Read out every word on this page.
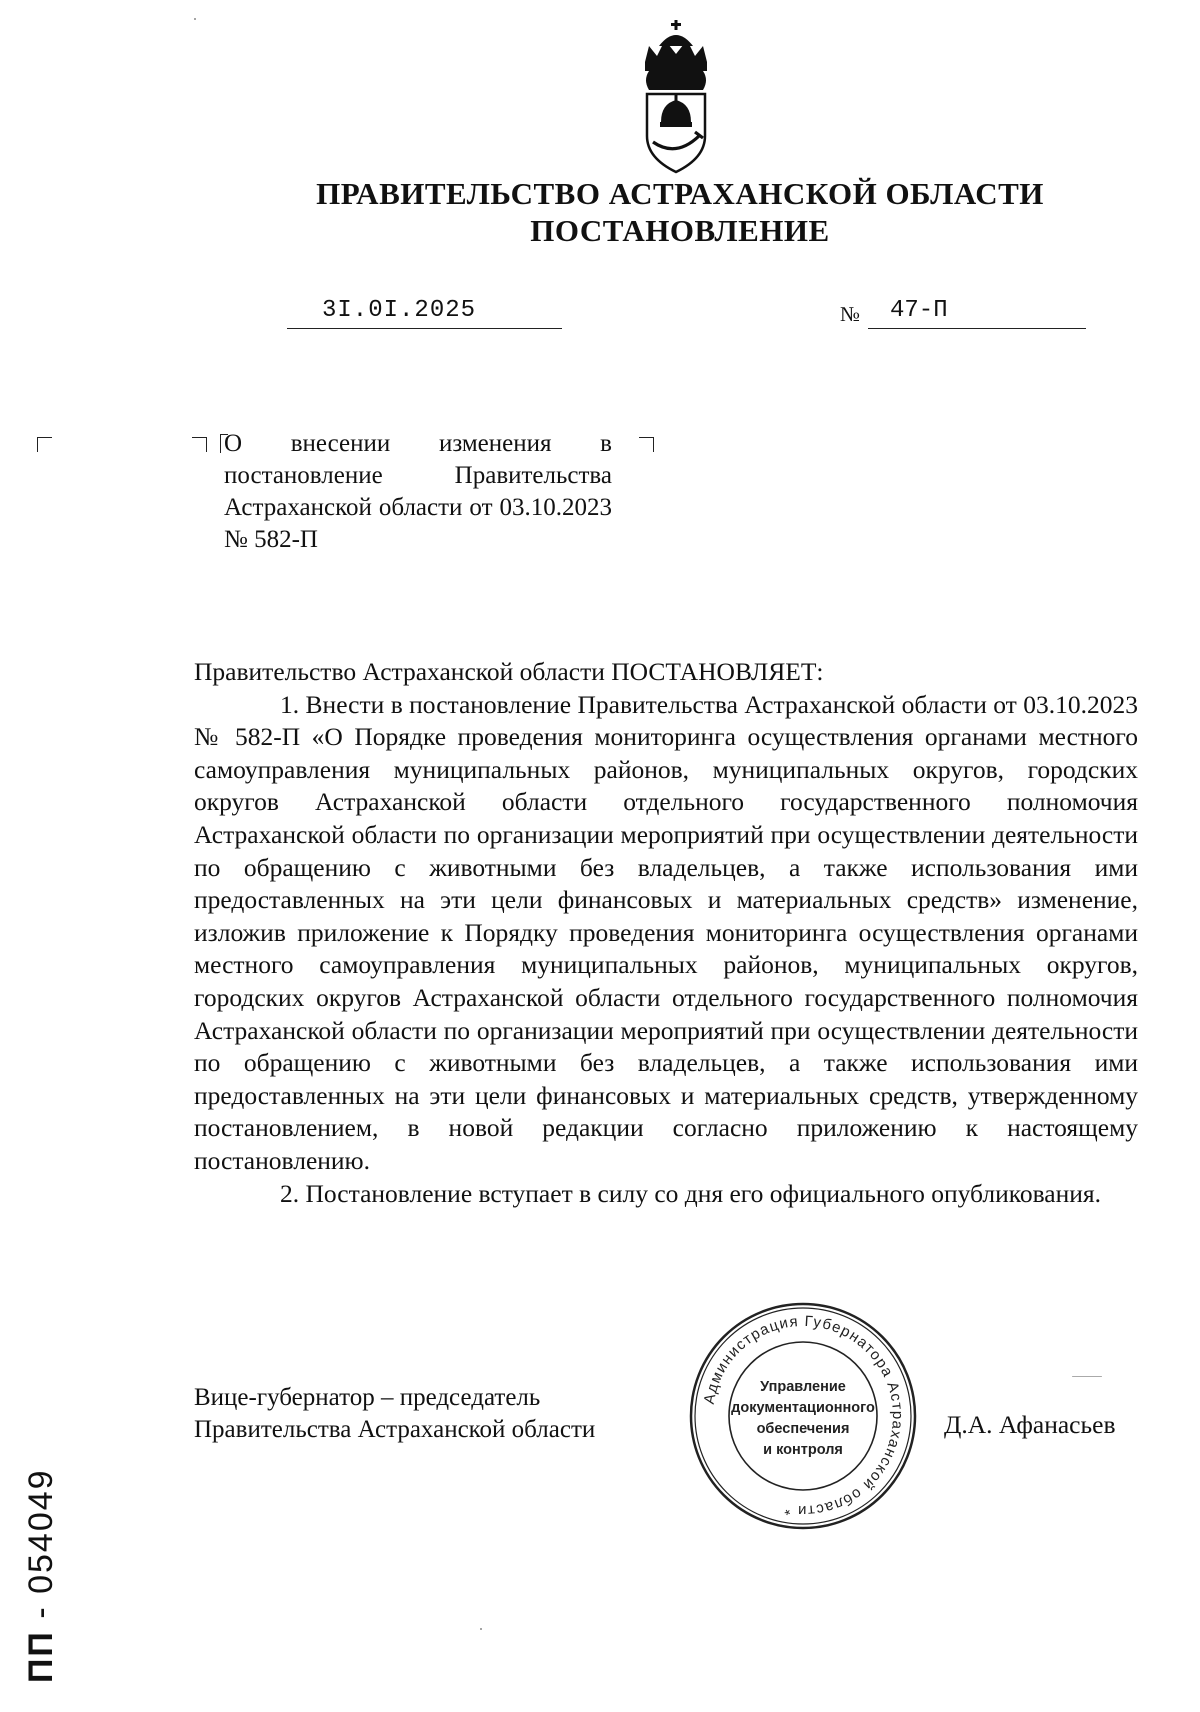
ПРАВИТЕЛЬСТВО АСТРАХАНСКОЙ ОБЛАСТИ
ПОСТАНОВЛЕНИЕ
3I.0I.2025	№ 47-П

О внесении изменения в постановление Правительства Астраханской области от 03.10.2023 № 582-П

Правительство Астраханской области ПОСТАНОВЛЯЕТ:

1. Внести в постановление Правительства Астраханской области от 03.10.2023 № 582-П «О Порядке проведения мониторинга осуществления органами местного самоуправления муниципальных районов, муниципальных округов, городских округов Астраханской области отдельного государственного полномочия Астраханской области по организации мероприятий при осуществлении деятельности по обращению с животными без владельцев, а также использования ими предоставленных на эти цели финансовых и материальных средств» изменение, изложив приложение к Порядку проведения мониторинга осуществления органами местного самоуправления муниципальных районов, муниципальных округов, городских округов Астраханской области отдельного государственного полномочия Астраханской области по организации мероприятий при осуществлении деятельности по обращению с животными без владельцев, а также использования ими предоставленных на эти цели финансовых и материальных средств, утвержденному постановлением, в новой редакции согласно приложению к настоящему постановлению.

2. Постановление вступает в силу со дня его официального опубликования.

Вице-губернатор – председатель
Правительства Астраханской области
Администрация Губернатора Астраханской области *
Управление
документационного
обеспечения
и контроля
Д.А. Афанасьев
ПП - 054049
